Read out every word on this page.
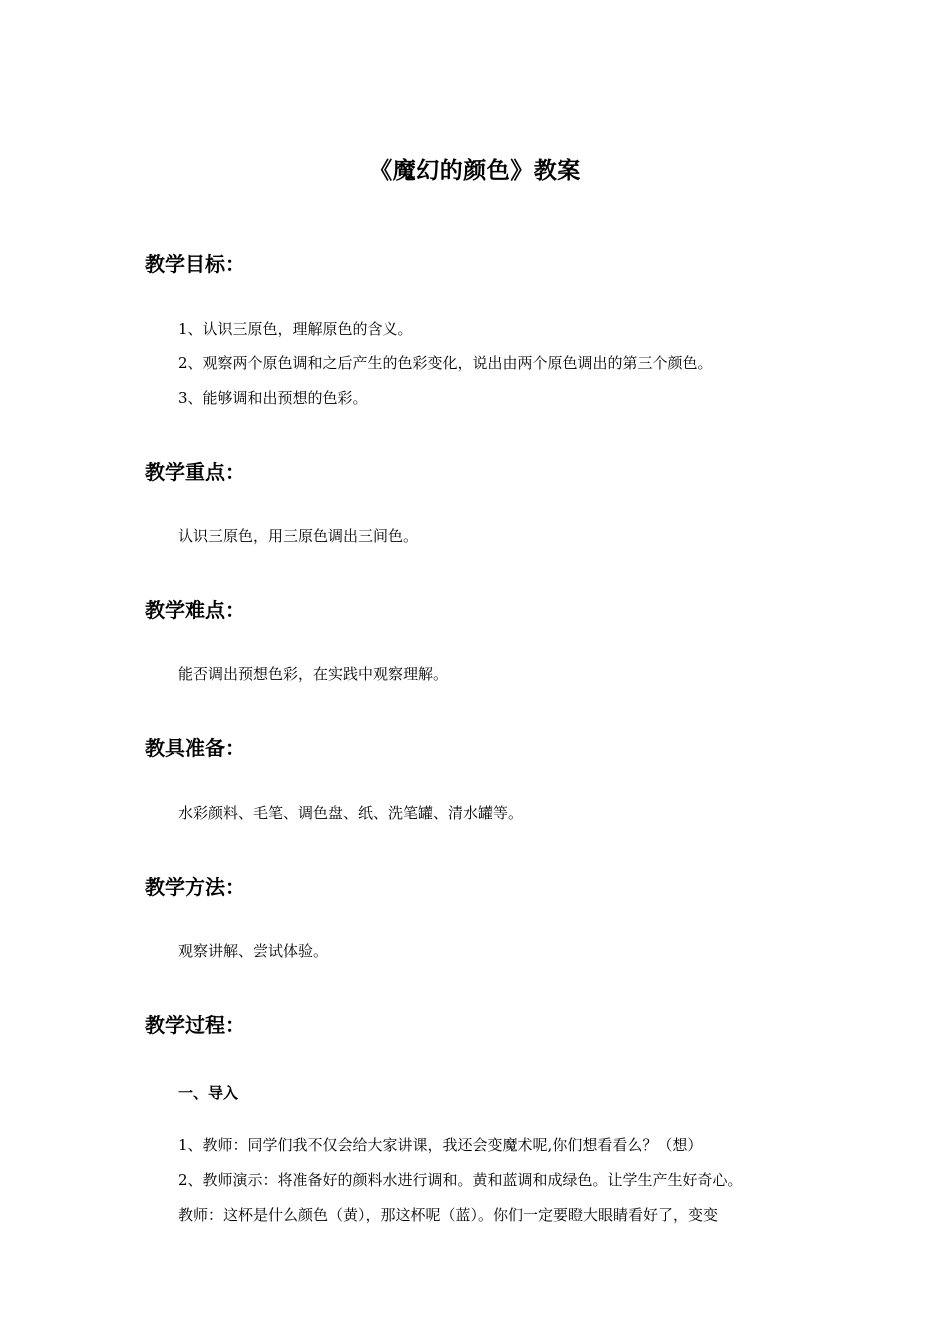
《魔幻的颜色》教案
教学目标：
1、认识三原色，理解原色的含义。
2、观察两个原色调和之后产生的色彩变化，说出由两个原色调出的第三个颜色。
3、能够调和出预想的色彩。
教学重点：
认识三原色，用三原色调出三间色。
教学难点：
能否调出预想色彩，在实践中观察理解。
教具准备：
水彩颜料、毛笔、调色盘、纸、洗笔罐、清水罐等。
教学方法：
观察讲解、尝试体验。
教学过程：
一、导入
1、教师：同学们我不仅会给大家讲课，我还会变魔术呢,你们想看看么？（想）
2、教师演示：将准备好的颜料水进行调和。黄和蓝调和成绿色。让学生产生好奇心。
教师：这杯是什么颜色（黄），那这杯呢（蓝）。你们一定要瞪大眼睛看好了，变变
